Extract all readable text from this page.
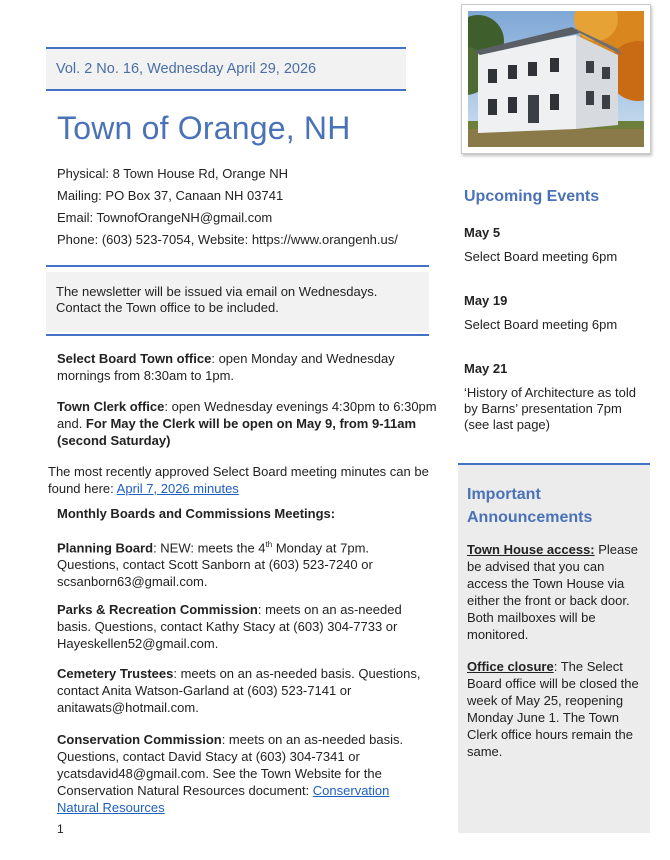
Vol. 2 No. 16, Wednesday April 29, 2026
Town of Orange, NH
Physical: 8 Town House Rd, Orange NH
Mailing: PO Box 37, Canaan NH 03741
Email: TownofOrangeNH@gmail.com
Phone: (603) 523-7054, Website: https://www.orangenh.us/
The newsletter will be issued via email on Wednesdays. Contact the Town office to be included.
Select Board Town office: open Monday and Wednesday mornings from 8:30am to 1pm.
Town Clerk office: open Wednesday evenings 4:30pm to 6:30pm and. For May the Clerk will be open on May 9, from 9-11am (second Saturday)
The most recently approved Select Board meeting minutes can be found here: April 7, 2026 minutes
Monthly Boards and Commissions Meetings:
Planning Board: NEW: meets the 4th Monday at 7pm. Questions, contact Scott Sanborn at (603) 523-7240 or scsanborn63@gmail.com.
Parks & Recreation Commission: meets on an as-needed basis. Questions, contact Kathy Stacy at (603) 304-7733 or Hayeskellen52@gmail.com.
Cemetery Trustees: meets on an as-needed basis. Questions, contact Anita Watson-Garland at (603) 523-7141 or anitawats@hotmail.com.
Conservation Commission: meets on an as-needed basis. Questions, contact David Stacy at (603) 304-7341 or ycatsdavid48@gmail.com. See the Town Website for the Conservation Natural Resources document: Conservation Natural Resources
1
Upcoming Events
May 5
Select Board meeting 6pm
May 19
Select Board meeting 6pm
May 21
‘History of Architecture as told by Barns’ presentation 7pm (see last page)
Important Announcements
Town House access: Please be advised that you can access the Town House via either the front or back door. Both mailboxes will be monitored.
Office closure: The Select Board office will be closed the week of May 25, reopening Monday June 1. The Town Clerk office hours remain the same.
